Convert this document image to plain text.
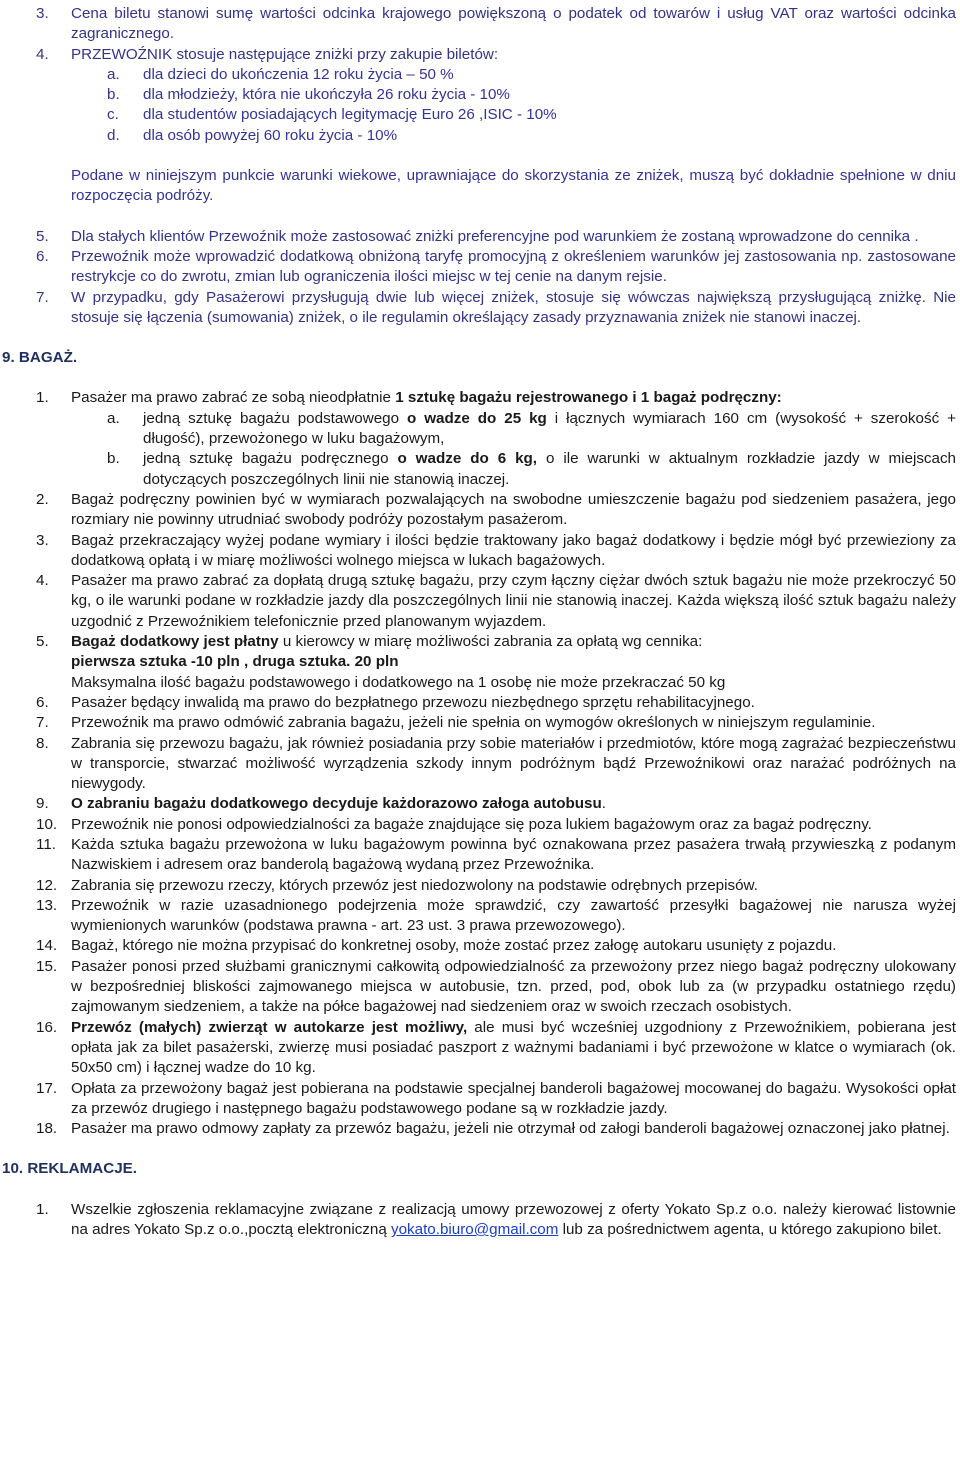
3. Cena biletu stanowi sumę wartości odcinka krajowego powiększoną o podatek od towarów i usług VAT oraz wartości odcinka zagranicznego.
4. PRZEWOŹNIK stosuje następujące zniżki przy zakupie biletów:
a. dla dzieci do ukończenia 12 roku życia – 50 %
b. dla młodzieży, która nie ukończyła 26 roku życia - 10%
c. dla studentów posiadających legitymację Euro 26 ,ISIC - 10%
d. dla osób powyżej 60 roku życia - 10%
Podane w niniejszym punkcie warunki wiekowe, uprawniające do skorzystania ze zniżek, muszą być dokładnie spełnione w dniu rozpoczęcia podróży.
5. Dla stałych klientów Przewoźnik może zastosować zniżki preferencyjne pod warunkiem że zostaną wprowadzone do cennika .
6. Przewoźnik może wprowadzić dodatkową obniżoną taryfę promocyjną z określeniem warunków jej zastosowania np. zastosowane restrykcje co do zwrotu, zmian lub ograniczenia ilości miejsc w tej cenie na danym rejsie.
7. W przypadku, gdy Pasażerowi przysługują dwie lub więcej zniżek, stosuje się wówczas największą przysługującą zniżkę. Nie stosuje się łączenia (sumowania) zniżek, o ile regulamin określający zasady przyznawania zniżek nie stanowi inaczej.
9. BAGAŻ.
1. Pasażer ma prawo zabrać ze sobą nieodpłatnie 1 sztukę bagażu rejestrowanego i 1 bagaż podręczny:
a. jedną sztukę bagażu podstawowego o wadze do 25 kg i łącznych wymiarach 160 cm (wysokość + szerokość + długość), przewożonego w luku bagażowym,
b. jedną sztukę bagażu podręcznego o wadze do 6 kg, o ile warunki w aktualnym rozkładzie jazdy w miejscach dotyczących poszczególnych linii nie stanowią inaczej.
2. Bagaż podręczny powinien być w wymiarach pozwalających na swobodne umieszczenie bagażu pod siedzeniem pasażera, jego rozmiary nie powinny utrudniać swobody podróży pozostałym pasażerom.
3. Bagaż przekraczający wyżej podane wymiary i ilości będzie traktowany jako bagaż dodatkowy i będzie mógł być przewieziony za dodatkową opłatą i w miarę możliwości wolnego miejsca w lukach bagażowych.
4. Pasażer ma prawo zabrać za dopłatą drugą sztukę bagażu, przy czym łączny ciężar dwóch sztuk bagażu nie może przekroczyć 50 kg, o ile warunki podane w rozkładzie jazdy dla poszczególnych linii nie stanowią inaczej. Każda większą ilość sztuk bagażu należy uzgodnić z Przewoźnikiem telefonicznie przed planowanym wyjazdem.
5. Bagaż dodatkowy jest płatny u kierowcy w miarę możliwości zabrania za opłatą wg cennika:
pierwsza sztuka -10 pln , druga sztuka. 20 pln
Maksymalna ilość bagażu podstawowego i dodatkowego na 1 osobę nie może przekraczać 50 kg
6. Pasażer będący inwalidą ma prawo do bezpłatnego przewozu niezbędnego sprzętu rehabilitacyjnego.
7. Przewoźnik ma prawo odmówić zabrania bagażu, jeżeli nie spełnia on wymogów określonych w niniejszym regulaminie.
8. Zabrania się przewozu bagażu, jak również posiadania przy sobie materiałów i przedmiotów, które mogą zagrażać bezpieczeństwu w transporcie, stwarzać możliwość wyrządzenia szkody innym podróżnym bądź Przewoźnikowi oraz narażać podróżnych na niewygody.
9. O zabraniu bagażu dodatkowego decyduje każdorazowo załoga autobusu.
10. Przewoźnik nie ponosi odpowiedzialności za bagaże znajdujące się poza lukiem bagażowym oraz za bagaż podręczny.
11. Każda sztuka bagażu przewożona w luku bagażowym powinna być oznakowana przez pasażera trwałą przywieszką z podanym Nazwiskiem i adresem oraz banderolą bagażową wydaną przez Przewoźnika.
12. Zabrania się przewozu rzeczy, których przewóz jest niedozwolony na podstawie odrębnych przepisów.
13. Przewoźnik w razie uzasadnionego podejrzenia może sprawdzić, czy zawartość przesyłki bagażowej nie narusza wyżej wymienionych warunków (podstawa prawna - art. 23 ust. 3 prawa przewozowego).
14. Bagaż, którego nie można przypisać do konkretnej osoby, może zostać przez załogę autokaru usunięty z pojazdu.
15. Pasażer ponosi przed służbami granicznymi całkowitą odpowiedzialność za przewożony przez niego bagaż podręczny ulokowany w bezpośredniej bliskości zajmowanego miejsca w autobusie, tzn. przed, pod, obok lub za (w przypadku ostatniego rzędu) zajmowanym siedzeniem, a także na półce bagażowej nad siedzeniem oraz w swoich rzeczach osobistych.
16. Przewóz (małych) zwierząt w autokarze jest możliwy, ale musi być wcześniej uzgodniony z Przewoźnikiem, pobierana jest opłata jak za bilet pasażerski, zwierzę musi posiadać paszport z ważnymi badaniami i być przewożone w klatce o wymiarach (ok. 50x50 cm) i łącznej wadze do 10 kg.
17. Opłata za przewożony bagaż jest pobierana na podstawie specjalnej banderoli bagażowej mocowanej do bagażu. Wysokości opłat za przewóz drugiego i następnego bagażu podstawowego podane są w rozkładzie jazdy.
18. Pasażer ma prawo odmowy zapłaty za przewóz bagażu, jeżeli nie otrzymał od załogi banderoli bagażowej oznaczonej jako płatnej.
10. REKLAMACJE.
1. Wszelkie zgłoszenia reklamacyjne związane z realizacją umowy przewozowej z oferty Yokato Sp.z o.o. należy kierować listownie na adres Yokato Sp.z o.o.,pocztą elektroniczną yokato.biuro@gmail.com lub za pośrednictwem agenta, u którego zakupiono bilet.
